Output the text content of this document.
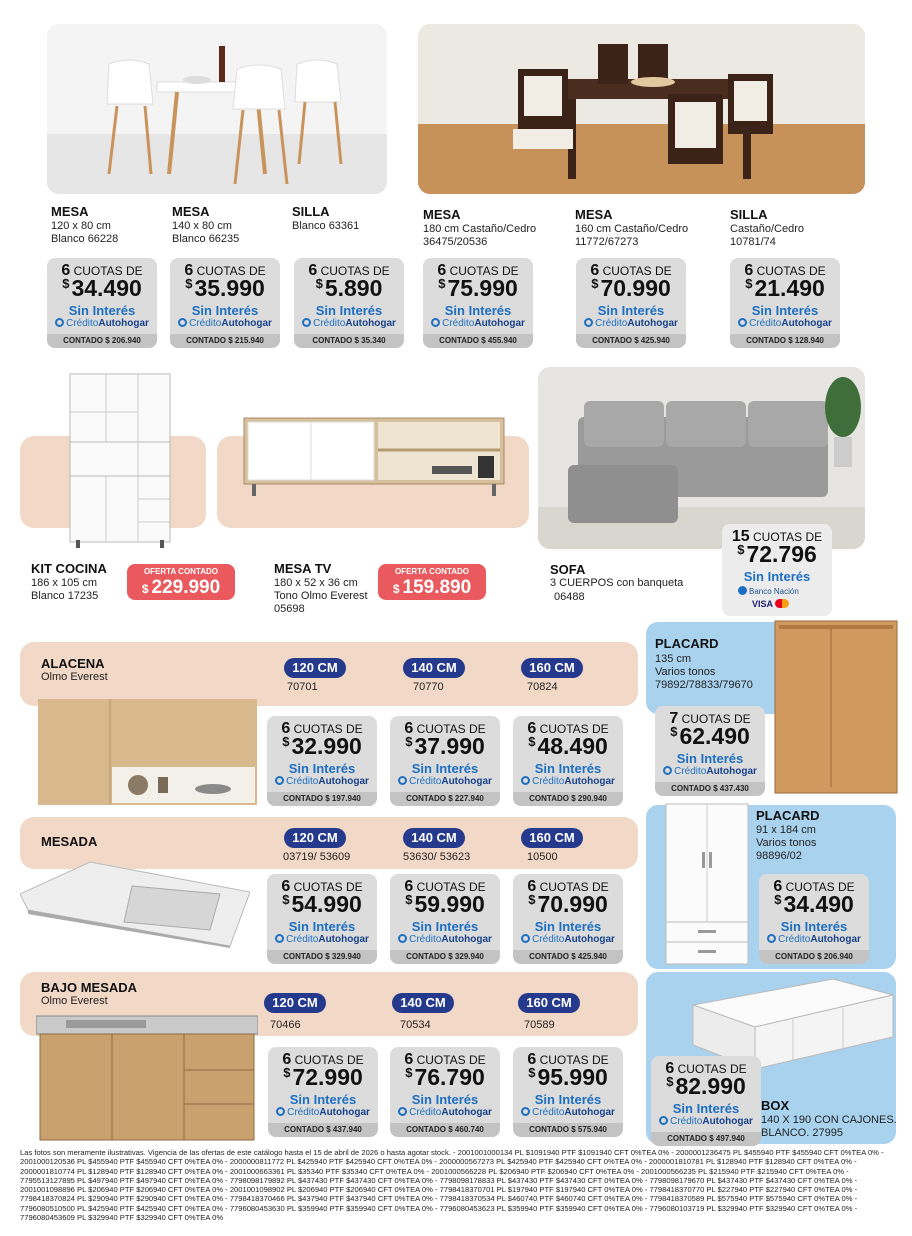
MESA
120 x 80 cm
Blanco 66228
MESA
140 x 80 cm
Blanco 66235
SILLA
Blanco 63361
MESA
180 cm Castaño/Cedro
36475/20536
MESA
160 cm Castaño/Cedro
11772/67273
SILLA
Castaño/Cedro
10781/74
6 CUOTAS DE
$34.490
Sin Interés
CréditoAutohogar
CONTADO $ 206.940
6 CUOTAS DE
$35.990
Sin Interés
CréditoAutohogar
CONTADO $ 215.940
6 CUOTAS DE
$5.890
Sin Interés
CréditoAutohogar
CONTADO $ 35.340
6 CUOTAS DE
$75.990
Sin Interés
CréditoAutohogar
CONTADO $ 455.940
6 CUOTAS DE
$70.990
Sin Interés
CréditoAutohogar
CONTADO $ 425.940
6 CUOTAS DE
$21.490
Sin Interés
CréditoAutohogar
CONTADO $ 128.940
KIT COCINA
186 x 105 cm
Blanco 17235
OFERTA CONTADO
$ 229.990
MESA TV
180 x 52 x 36 cm
Tono Olmo Everest
05698
OFERTA CONTADO
$ 159.890
SOFA
3 CUERPOS con banqueta
06488
15 CUOTAS DE
$72.796
Sin Interés
Banco Nación
VISA
ALACENA
Olmo Everest
120 CM
70701
140 CM
70770
160 CM
70824
6 CUOTAS DE
$32.990
Sin Interés
CréditoAutohogar
CONTADO $ 197.940
6 CUOTAS DE
$37.990
Sin Interés
CréditoAutohogar
CONTADO $ 227.940
6 CUOTAS DE
$48.490
Sin Interés
CréditoAutohogar
CONTADO $ 290.940
PLACARD
135 cm
Varios tonos
79892/78833/79670
7 CUOTAS DE
$62.490
Sin Interés
CréditoAutohogar
CONTADO $ 437.430
MESADA	120 CM
03719/ 53609
140 CM
53630/ 53623
160 CM
10500
6 CUOTAS DE
$54.990
Sin Interés
CréditoAutohogar
CONTADO $ 329.940
6 CUOTAS DE
$59.990
Sin Interés
CréditoAutohogar
CONTADO $ 329.940
6 CUOTAS DE
$70.990
Sin Interés
CréditoAutohogar
CONTADO $ 425.940
PLACARD
91 x 184 cm
Varios tonos
98896/02
6 CUOTAS DE
$34.490
Sin Interés
CréditoAutohogar
CONTADO $ 206.940
BAJO MESADA
Olmo Everest	120 CM
70466
140 CM
70534
160 CM
70589
6 CUOTAS DE
$72.990
Sin Interés
CréditoAutohogar
CONTADO $ 437.940
6 CUOTAS DE
$76.790
Sin Interés
CréditoAutohogar
CONTADO $ 460.740
6 CUOTAS DE
$95.990
Sin Interés
CréditoAutohogar
CONTADO $ 575.940
6 CUOTAS DE
$82.990
Sin Interés
CréditoAutohogar
CONTADO $ 497.940
BOX
140 X 190 CON CAJONES.
BLANCO. 27995
Las fotos son meramente ilustrativas. Vigencia de las ofertas de este catálogo hasta el 15 de abril de 2026 o hasta agotar stock. - 2001001000134 PL $1091940 PTF $1091940 CFT 0%TEA 0% - 2000001236475 PL $455940 PTF $455940 CFT 0%TEA 0% - 2001000120536 PL $455940 PTF $455940 CFT 0%TEA 0% - 2000000811772 PL $425940 PTF $425940 CFT 0%TEA 0% - 2000000567273 PL $425940 PTF $425940 CFT 0%TEA 0% - 2000001810781 PL $128940 PTF $128940 CFT 0%TEA 0% - 2000001810774 PL $128940 PTF $128940 CFT 0%TEA 0% - 2001000663361 PL $35340 PTF $35340 CFT 0%TEA 0% - 2001000566228 PL $206940 PTF $206940 CFT 0%TEA 0% - 2001000566235 PL $215940 PTF $215940 CFT 0%TEA 0% - 7795513127895 PL $497940 PTF $497940 CFT 0%TEA 0% - 7798098179892 PL $437430 PTF $437430 CFT 0%TEA 0% - 7798098178833 PL $437430 PTF $437430 CFT 0%TEA 0% - 7798098179670 PL $437430 PTF $437430 CFT 0%TEA 0% - 2001001098896 PL $206940 PTF $206940 CFT 0%TEA 0% - 2001001098902 PL $206940 PTF $206940 CFT 0%TEA 0% - 7798418370701 PL $197940 PTF $197940 CFT 0%TEA 0% - 7798418370770 PL $227940 PTF $227940 CFT 0%TEA 0% - 7798418370824 PL $290940 PTF $290940 CFT 0%TEA 0% - 7798418370466 PL $437940 PTF $437940 CFT 0%TEA 0% - 7798418370534 PL $460740 PTF $460740 CFT 0%TEA 0% - 7798418370589 PL $575940 PTF $575940 CFT 0%TEA 0% - 7796080510500 PL $425940 PTF $425940 CFT 0%TEA 0% - 7796080453630 PL $359940 PTF $359940 CFT 0%TEA 0% - 7796080453623 PL $359940 PTF $359940 CFT 0%TEA 0% - 7796080103719 PL $329940 PTF $329940 CFT 0%TEA 0% - 7796080453609 PL $329940 PTF $329940 CFT 0%TEA 0%
